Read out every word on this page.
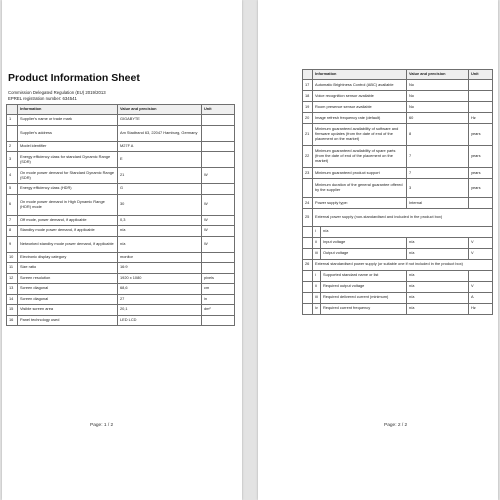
Product Information Sheet
Commission Delegated Regulation (EU) 2019/2013
EPREL registration number: 634541
	Information	Value and precision	Unit
1	Supplier's name or trade mark	GIGABYTE	
	Supplier's address	Am Stadtrand 63, 22047 Hamburg, Germany	
2	Model identifier	M27F A	
3	Energy efficiency class for standard Dynamic Range (SDR)	E	
4	On mode power demand for Standard Dynamic Range (SDR)	21	W
5	Energy efficiency class (HDR)	G	
6	On mode power demand in High Dynamic Range (HDR) mode	30	W
7	Off mode, power demand, if applicable	0,3	W
8	Standby mode power demand, if applicable	n/a	W
9	Networked standby mode power demand, if applicable	n/a	W
10	Electronic display category	monitor	
11	Size ratio	16:9	
12	Screen resolution	1920 x 1080	pixels
13	Screen diagonal	68,6	cm
14	Screen diagonal	27	in
15	Visible screen area	20,1	dm²
16	Panel technology used	LED LCD	
Page: 1 / 2
	Information		Value and precision	Unit
17	Automatic Brightness Control (ABC) available		No	
18	Voice recognition sensor available		No	
19	Room presence sensor available		No	
20	Image refresh frequency rate (default)		60	Hz
21	Minimum guaranteed availability of software and firmware updates (from the date of end of the placement on the market)		8	years
22	Minimum guaranteed availability of spare parts (from the date of end of the placement on the market)		7	years
23	Minimum guaranteed product support		7	years
	Minimum duration of the general guarantee offered by the supplier		3	years
24	Power supply type:		Internal	
25	External power supply (non-standardised and included in the product box)			
	i	n/a		
	ii	Input voltage	n/a	V
	iii	Output voltage	n/a	V
26	External standardised power supply (or suitable one if not included in the product box)			
	i	Supported standard name or list	n/a	
	ii	Required output voltage	n/a	V
	iii	Required delivered current (minimum)	n/a	A
	iv	Required current frequency	n/a	Hz
Page: 2 / 2
